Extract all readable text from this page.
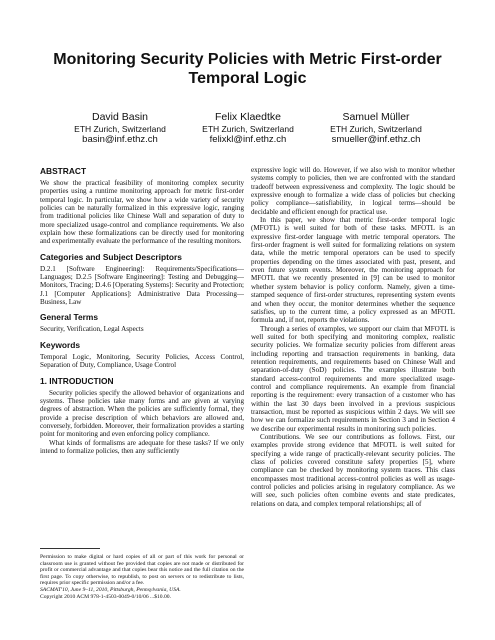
Monitoring Security Policies with Metric First-order
Temporal Logic
David Basin
ETH Zurich, Switzerland
basin@inf.ethz.ch
Felix Klaedtke
ETH Zurich, Switzerland
felixkl@inf.ethz.ch
Samuel Müller
ETH Zurich, Switzerland
smueller@inf.ethz.ch
ABSTRACT

We show the practical feasibility of monitoring complex security properties using a runtime monitoring approach for metric first-order temporal logic. In particular, we show how a wide variety of security policies can be naturally formalized in this expressive logic, ranging from traditional policies like Chinese Wall and separation of duty to more specialized usage-control and compliance requirements. We also explain how these formalizations can be directly used for monitoring and experimentally evaluate the performance of the resulting monitors.

Categories and Subject Descriptors

D.2.1 [Software Engineering]: Requirements/Specifications—Languages; D.2.5 [Software Engineering]: Testing and Debugging—Monitors, Tracing; D.4.6 [Operating Systems]: Security and Protection; J.1 [Computer Applications]: Administrative Data Processing—Business, Law

General Terms

Security, Verification, Legal Aspects

Keywords

Temporal Logic, Monitoring, Security Policies, Access Control, Separation of Duty, Compliance, Usage Control

1. INTRODUCTION

Security policies specify the allowed behavior of organizations and systems. These policies take many forms and are given at varying degrees of abstraction. When the policies are sufficiently formal, they provide a precise description of which behaviors are allowed and, conversely, forbidden. Moreover, their formalization provides a starting point for monitoring and even enforcing policy compliance.

What kinds of formalisms are adequate for these tasks? If we only intend to formalize policies, then any sufficiently

Permission to make digital or hard copies of all or part of this work for personal or classroom use is granted without fee provided that copies are not made or distributed for profit or commercial advantage and that copies bear this notice and the full citation on the first page. To copy otherwise, to republish, to post on servers or to redistribute to lists, requires prior specific permission and/or a fee.

SACMAT'10, June 9–11, 2010, Pittsburgh, Pennsylvania, USA.

Copyright 2010 ACM 978-1-4503-0049-0/10/06 ...$10.00.

expressive logic will do. However, if we also wish to monitor whether systems comply to policies, then we are confronted with the standard tradeoff between expressiveness and complexity. The logic should be expressive enough to formalize a wide class of policies but checking policy compliance—satisfiability, in logical terms—should be decidable and efficient enough for practical use.

In this paper, we show that metric first-order temporal logic (MFOTL) is well suited for both of these tasks. MFOTL is an expressive first-order language with metric temporal operators. The first-order fragment is well suited for formalizing relations on system data, while the metric temporal operators can be used to specify properties depending on the times associated with past, present, and even future system events. Moreover, the monitoring approach for MFOTL that we recently presented in [9] can be used to monitor whether system behavior is policy conform. Namely, given a time-stamped sequence of first-order structures, representing system events and when they occur, the monitor determines whether the sequence satisfies, up to the current time, a policy expressed as an MFOTL formula and, if not, reports the violations.

Through a series of examples, we support our claim that MFOTL is well suited for both specifying and monitoring complex, realistic security policies. We formalize security policies from different areas including reporting and transaction requirements in banking, data retention requirements, and requirements based on Chinese Wall and separation-of-duty (SoD) policies. The examples illustrate both standard access-control requirements and more specialized usage-control and compliance requirements. An example from financial reporting is the requirement: every transaction of a customer who has within the last 30 days been involved in a previous suspicious transaction, must be reported as suspicious within 2 days. We will see how we can formalize such requirements in Section 3 and in Section 4 we describe our experimental results in monitoring such policies.

Contributions. We see our contributions as follows. First, our examples provide strong evidence that MFOTL is well suited for specifying a wide range of practically-relevant security policies. The class of policies covered constitute safety properties [5], where compliance can be checked by monitoring system traces. This class encompasses most traditional access-control policies as well as usage-control policies and policies arising in regulatory compliance. As we will see, such policies often combine events and state predicates, relations on data, and complex temporal relationships; all of
